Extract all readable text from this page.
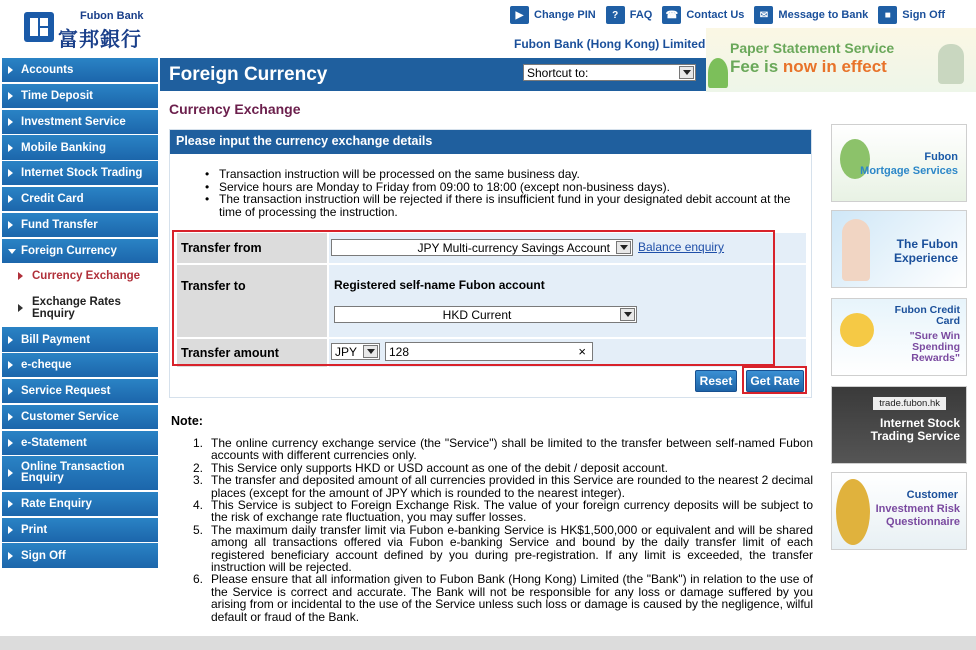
Fubon Bank
富邦銀行
▶ Change PIN	?	FAQ	☎ Contact Us	✉ Message to Bank	■	Sign Off
Fubon Bank (Hong Kong) Limited Paper Statement Service
Fee is now in effect
Accounts
Time Deposit
Investment Service
Mobile Banking
Internet Stock Trading
Credit Card
Fund Transfer
Foreign Currency
Currency Exchange
Exchange Rates Enquiry
Bill Payment
e-cheque
Service Request
Customer Service
e-Statement
Online Transaction Enquiry
Rate Enquiry
Print
Sign Off
Foreign Currency	Shortcut to:
Currency Exchange
Please input the currency exchange details
• Transaction instruction will be processed on the same business day.
• Service hours are Monday to Friday from 09:00 to 18:00 (except non-business days).
• The transaction instruction will be rejected if there is insufficient fund in your designated debit account at the time of processing the instruction.
Transfer from	JPY Multi-currency Savings Account Balance enquiry
Transfer to	Registered self-name Fubon account
HKD Current
Transfer amount	JPY	128	×
Reset	Get Rate
Note:
1. The online currency exchange service (the "Service") shall be limited to the transfer between self-named Fubon accounts with different currencies only.
2. This Service only supports HKD or USD account as one of the debit / deposit account.
3. The transfer and deposited amount of all currencies provided in this Service are rounded to the nearest 2 decimal places (except for the amount of JPY which is rounded to the nearest integer).
4. This Service is subject to Foreign Exchange Risk. The value of your foreign currency deposits will be subject to the risk of exchange rate fluctuation, you may suffer losses.
5. The maximum daily transfer limit via Fubon e-banking Service is HK$1,500,000 or equivalent and will be shared among all transactions offered via Fubon e-banking Service and bound by the daily transfer limit of each registered beneficiary account defined by you during pre-registration. If any limit is exceeded, the transfer instruction will be rejected.
6. Please ensure that all information given to Fubon Bank (Hong Kong) Limited (the "Bank") in relation to the use of the Service is correct and accurate. The Bank will not be responsible for any loss or damage suffered by you arising from or incidental to the use of the Service unless such loss or damage is caused by the negligence, wilful default or fraud of the Bank.
Fubon
Mortgage Services
The Fubon
Experience
Fubon Credit Card
"Sure Win Spending Rewards"
trade.fubon.hk
Internet Stock Trading Service
Customer
Investment Risk Questionnaire
